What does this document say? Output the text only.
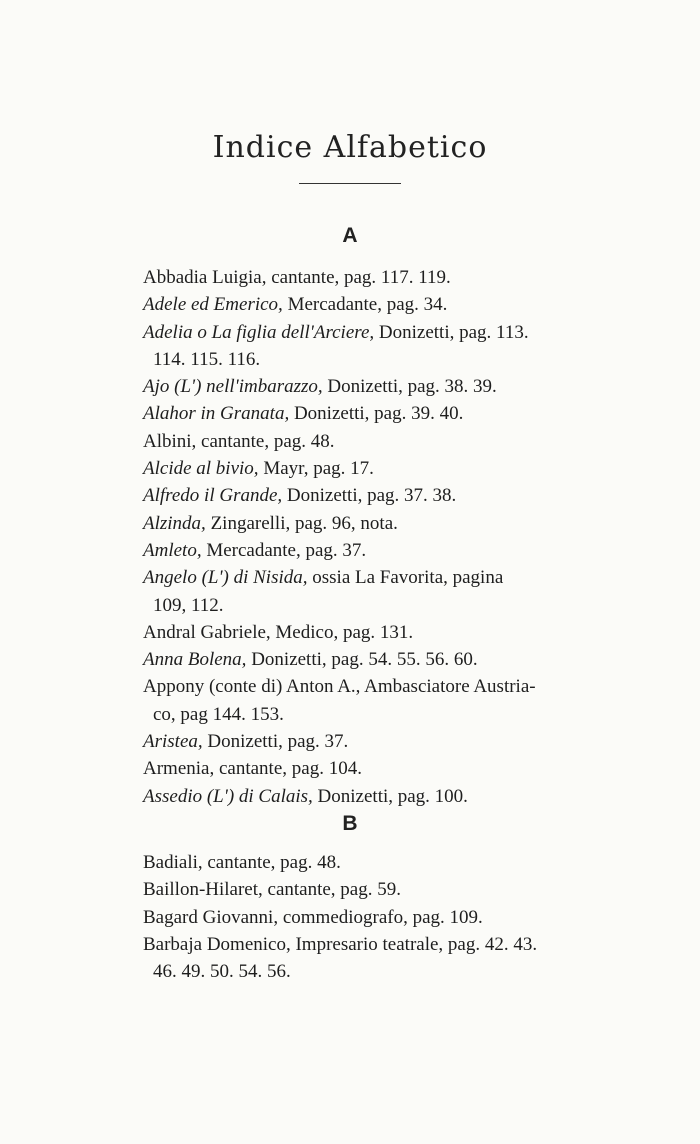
Indice Alfabetico
A
Abbadia Luigia, cantante, pag. 117. 119.
Adele ed Emerico, Mercadante, pag. 34.
Adelia o La figlia dell'Arciere, Donizetti, pag. 113.
114. 115. 116.
Ajo (L') nell'imbarazzo, Donizetti, pag. 38. 39.
Alahor in Granata, Donizetti, pag. 39. 40.
Albini, cantante, pag. 48.
Alcide al bivio, Mayr, pag. 17.
Alfredo il Grande, Donizetti, pag. 37. 38.
Alzinda, Zingarelli, pag. 96, nota.
Amleto, Mercadante, pag. 37.
Angelo (L') di Nisida, ossia La Favorita, pagina
109, 112.
Andral Gabriele, Medico, pag. 131.
Anna Bolena, Donizetti, pag. 54. 55. 56. 60.
Appony (conte di) Anton A., Ambasciatore Austria-
co, pag 144. 153.
Aristea, Donizetti, pag. 37.
Armenia, cantante, pag. 104.
Assedio (L') di Calais, Donizetti, pag. 100.
B
Badiali, cantante, pag. 48.
Baillon-Hilaret, cantante, pag. 59.
Bagard Giovanni, commediografo, pag. 109.
Barbaja Domenico, Impresario teatrale, pag. 42. 43.
46. 49. 50. 54. 56.
